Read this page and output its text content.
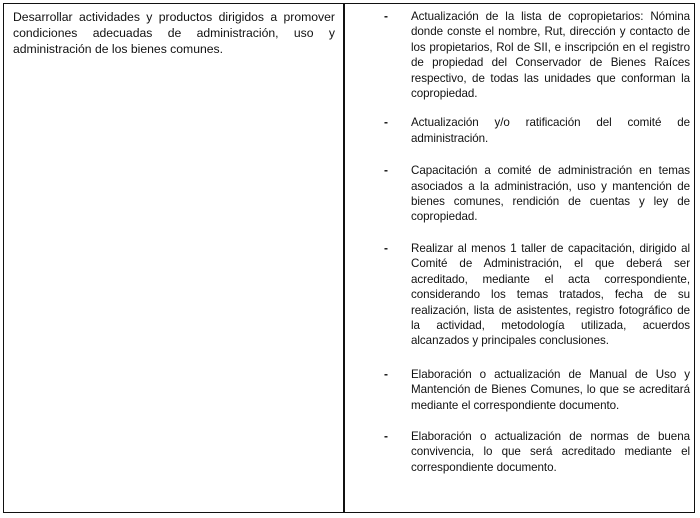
Desarrollar actividades y productos dirigidos a promover condiciones adecuadas de administración, uso y administración de los bienes comunes.
- Actualización de la lista de copropietarios: Nómina donde conste el nombre, Rut, dirección y contacto de los propietarios, Rol de SII, e inscripción en el registro de propiedad del Conservador de Bienes Raíces respectivo, de todas las unidades que conforman la copropiedad.
- Actualización y/o ratificación del comité de administración.
- Capacitación a comité de administración en temas asociados a la administración, uso y mantención de bienes comunes, rendición de cuentas y ley de copropiedad.
- Realizar al menos 1 taller de capacitación, dirigido al Comité de Administración, el que deberá ser acreditado, mediante el acta correspondiente, considerando los temas tratados, fecha de su realización, lista de asistentes, registro fotográfico de la actividad, metodología utilizada, acuerdos alcanzados y principales conclusiones.
- Elaboración o actualización de Manual de Uso y Mantención de Bienes Comunes, lo que se acreditará mediante el correspondiente documento.
- Elaboración o actualización de normas de buena convivencia, lo que será acreditado mediante el correspondiente documento.
